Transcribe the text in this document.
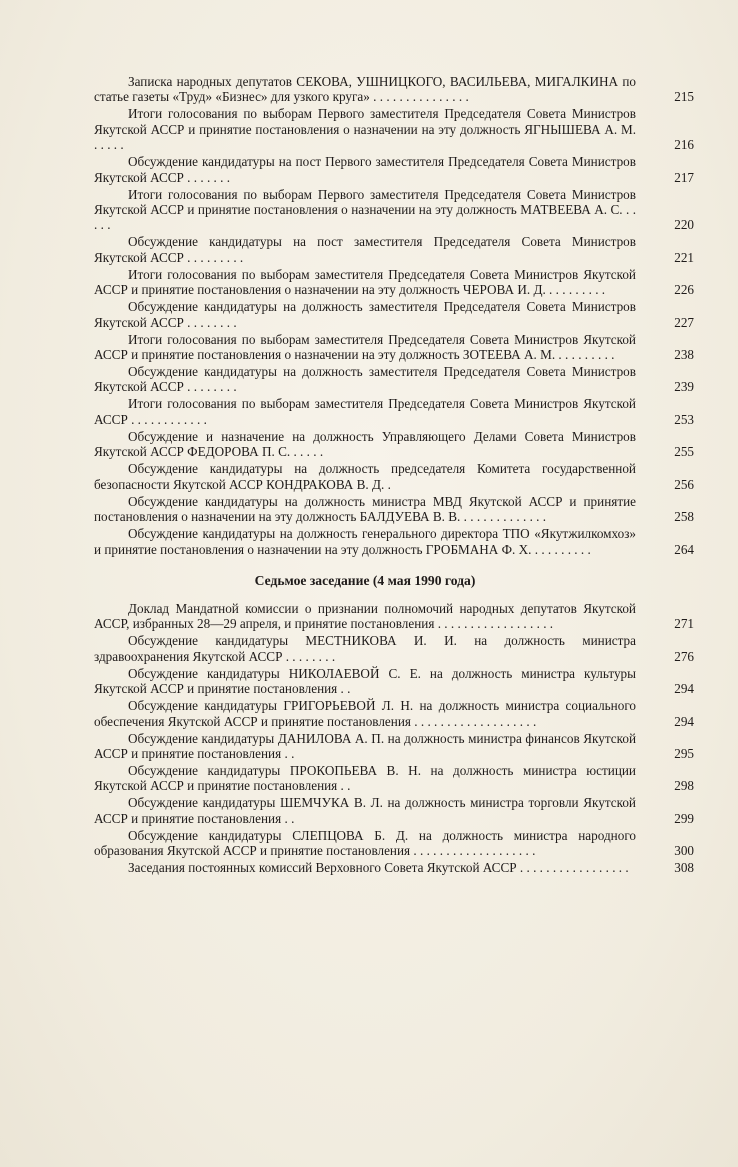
Записка народных депутатов СЕКОВА, УШНИЦКОГО, ВАСИЛЬЕВА, МИГАЛКИНА по статье газеты «Труд» «Бизнес» для узкого круга» . . . . . . . . . . . . . . .	215
Итоги голосования по выборам Первого заместителя Председателя Совета Министров Якутской АССР и принятие постановления о назначении на эту должность ЯГНЫШЕВА А. М. . . . . .	216
Обсуждение кандидатуры на пост Первого заместителя Председателя Совета Министров Якутской АССР . . . . . . .	217
Итоги голосования по выборам Первого заместителя Председателя Совета Министров Якутской АССР и принятие постановления о назначении на эту должность МАТВЕЕВА А. С. . . . . .	220
Обсуждение кандидатуры на пост заместителя Председателя Совета Министров Якутской АССР . . . . . . . . .	221
Итоги голосования по выборам заместителя Председателя Совета Министров Якутской АССР и принятие постановления о назначении на эту должность ЧЕРОВА И. Д. . . . . . . . . .	226
Обсуждение кандидатуры на должность заместителя Председателя Совета Министров Якутской АССР . . . . . . . .	227
Итоги голосования по выборам заместителя Председателя Совета Министров Якутской АССР и принятие постановления о назначении на эту должность ЗОТЕЕВА А. М. . . . . . . . . .	238
Обсуждение кандидатуры на должность заместителя Председателя Совета Министров Якутской АССР . . . . . . . .	239
Итоги голосования по выборам заместителя Председателя Совета Министров Якутской АССР . . . . . . . . . . . .	253
Обсуждение и назначение на должность Управляющего Делами Совета Министров Якутской АССР ФЕДОРОВА П. С. . . . . .	255
Обсуждение кандидатуры на должность председателя Комитета государственной безопасности Якутской АССР КОНДРАКОВА В. Д. .	256
Обсуждение кандидатуры на должность министра МВД Якутской АССР и принятие постановления о назначении на эту должность БАЛДУЕВА В. В. . . . . . . . . . . . . .	258
Обсуждение кандидатуры на должность генерального директора ТПО «Якутжилкомхоз» и принятие постановления о назначении на эту должность ГРОБМАНА Ф. Х. . . . . . . . . .	264
Седьмое заседание (4 мая 1990 года)
Доклад Мандатной комиссии о признании полномочий народных депутатов Якутской АССР, избранных 28—29 апреля, и принятие постановления . . . . . . . . . . . . . . . . . .	271
Обсуждение кандидатуры МЕСТНИКОВА И. И. на должность министра здравоохранения Якутской АССР . . . . . . . .	276
Обсуждение кандидатуры НИКОЛАЕВОЙ С. Е. на должность министра культуры Якутской АССР и принятие постановления . .	294
Обсуждение кандидатуры ГРИГОРЬЕВОЙ Л. Н. на должность министра социального обеспечения Якутской АССР и принятие постановления . . . . . . . . . . . . . . . . . . .	294
Обсуждение кандидатуры ДАНИЛОВА А. П. на должность министра финансов Якутской АССР и принятие постановления . .	295
Обсуждение кандидатуры ПРОКОПЬЕВА В. Н. на должность министра юстиции Якутской АССР и принятие постановления . .	298
Обсуждение кандидатуры ШЕМЧУКА В. Л. на должность министра торговли Якутской АССР и принятие постановления . .	299
Обсуждение кандидатуры СЛЕПЦОВА Б. Д. на должность министра народного образования Якутской АССР и принятие постановления . . . . . . . . . . . . . . . . . . .	300
Заседания постоянных комиссий Верховного Совета Якутской АССР . . . . . . . . . . . . . . . . .	308
